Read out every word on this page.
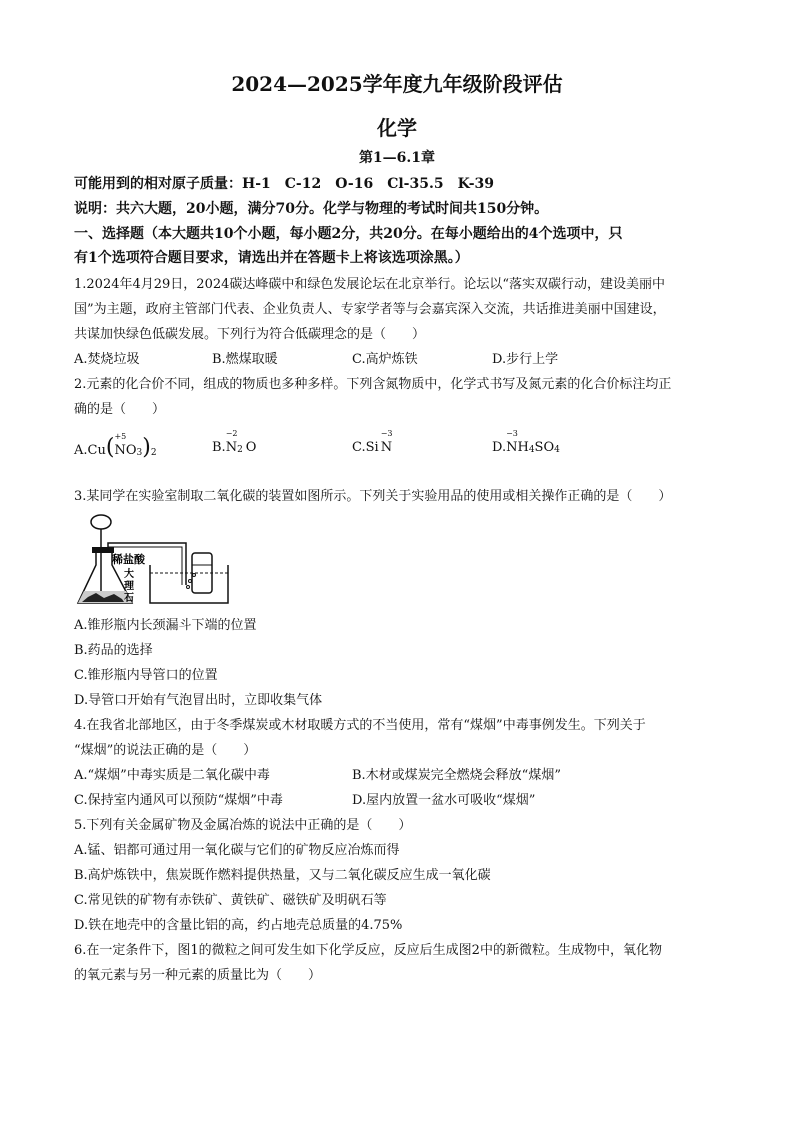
2024—2025学年度九年级阶段评估
化学
第1—6.1章
可能用到的相对原子质量：H-1　C-12　O-16　Cl-35.5　K-39
说明：共六大题，20小题，满分70分。化学与物理的考试时间共150分钟。
一、选择题（本大题共10个小题，每小题2分，共20分。在每小题给出的4个选项中，只
有1个选项符合题目要求，请选出并在答题卡上将该选项涂黑。）
1.2024年4月29日，2024碳达峰碳中和绿色发展论坛在北京举行。论坛以“落实双碳行动，建设美丽中
国”为主题，政府主管部门代表、企业负责人、专家学者等与会嘉宾深入交流，共话推进美丽中国建设，
共谋加快绿色低碳发展。下列行为符合低碳理念的是（　　）
A.焚烧垃圾	B.燃煤取暖	C.高炉炼铁	D.步行上学
2.元素的化合价不同，组成的物质也多种多样。下列含氮物质中，化学式书写及氮元素的化合价标注均正
确的是（　　）
A. Cu ( +5
N O 3 ) 2	B.
−2
N 2 O	C. Si
−3
N	D.
−3
N H 4 SO 4
3.某同学在实验室制取二氧化碳的装置如图所示。下列关于实验用品的使用或相关操作正确的是（　　）
稀盐酸
大
理
石
A.锥形瓶内长颈漏斗下端的位置
B.药品的选择
C.锥形瓶内导管口的位置
D.导管口开始有气泡冒出时，立即收集气体
4.在我省北部地区，由于冬季煤炭或木材取暖方式的不当使用，常有“煤烟”中毒事例发生。下列关于
“煤烟”的说法正确的是（　　）
A.“煤烟”中毒实质是二氧化碳中毒	B.木材或煤炭完全燃烧会释放“煤烟”
C.保持室内通风可以预防“煤烟”中毒	D.屋内放置一盆水可吸收“煤烟”
5.下列有关金属矿物及金属冶炼的说法中正确的是（　　）
A.锰、铝都可通过用一氧化碳与它们的矿物反应冶炼而得
B.高炉炼铁中，焦炭既作燃料提供热量，又与二氧化碳反应生成一氧化碳
C.常见铁的矿物有赤铁矿、黄铁矿、磁铁矿及明矾石等
D.铁在地壳中的含量比铝的高，约占地壳总质量的4.75%
6.在一定条件下，图1的微粒之间可发生如下化学反应，反应后生成图2中的新微粒。生成物中，氧化物
的氧元素与另一种元素的质量比为（　　）
